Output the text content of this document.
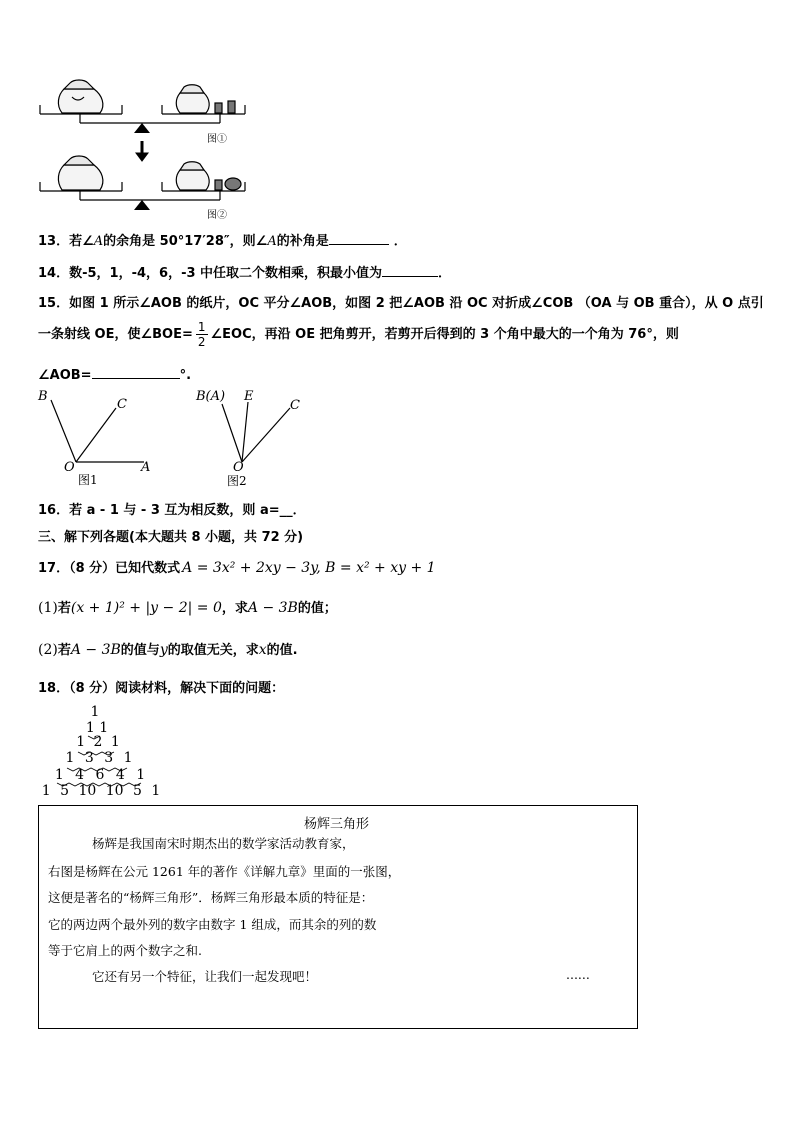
图①
图②
13．若∠A的余角是 50°17′28″，则∠A的补角是	．
14．数-5，1，-4，6，-3 中任取二个数相乘，积最小值为	．
15．如图 1 所示∠AOB 的纸片，OC 平分∠AOB，如图 2 把∠AOB 沿 OC 对折成∠COB （OA 与 OB 重合），从 O 点引
一条射线 OE，使∠BOE= $\frac{1}{2}$ ∠EOC，再沿 OE 把角剪开，若剪开后得到的 3 个角中最大的一个角为 76°，则
∠AOB=	°.
B
C
O	A
图1
B(A) E
C
O
图2
16．若 a - 1 与 - 3 互为相反数，则 a=__．
三、解下列各题(本大题共 8 小题，共 72 分)
17．（8 分）已知代数式 A = 3x² + 2xy − 3y, B = x² + xy + 1
(1)若(x + 1)² + |y − 2| = 0，求A − 3B的值；
(2)若A − 3B的值与y的取值无关，求x的值.
18．（8 分）阅读材料，解决下面的问题：
1
1 1
1 2 1
1 3 3 1
1 4 6 4 1
1 5 10 10 5 1
杨辉三角形
杨辉是我国南宋时期杰出的数学家活动教育家，
右图是杨辉在公元 1261 年的著作《详解九章》里面的一张图，
这便是著名的“杨辉三角形”．杨辉三角形最本质的特征是：
它的两边两个最外列的数字由数字 1 组成，而其余的列的数
等于它肩上的两个数字之和.
它还有另一个特征，让我们一起发现吧！	......
